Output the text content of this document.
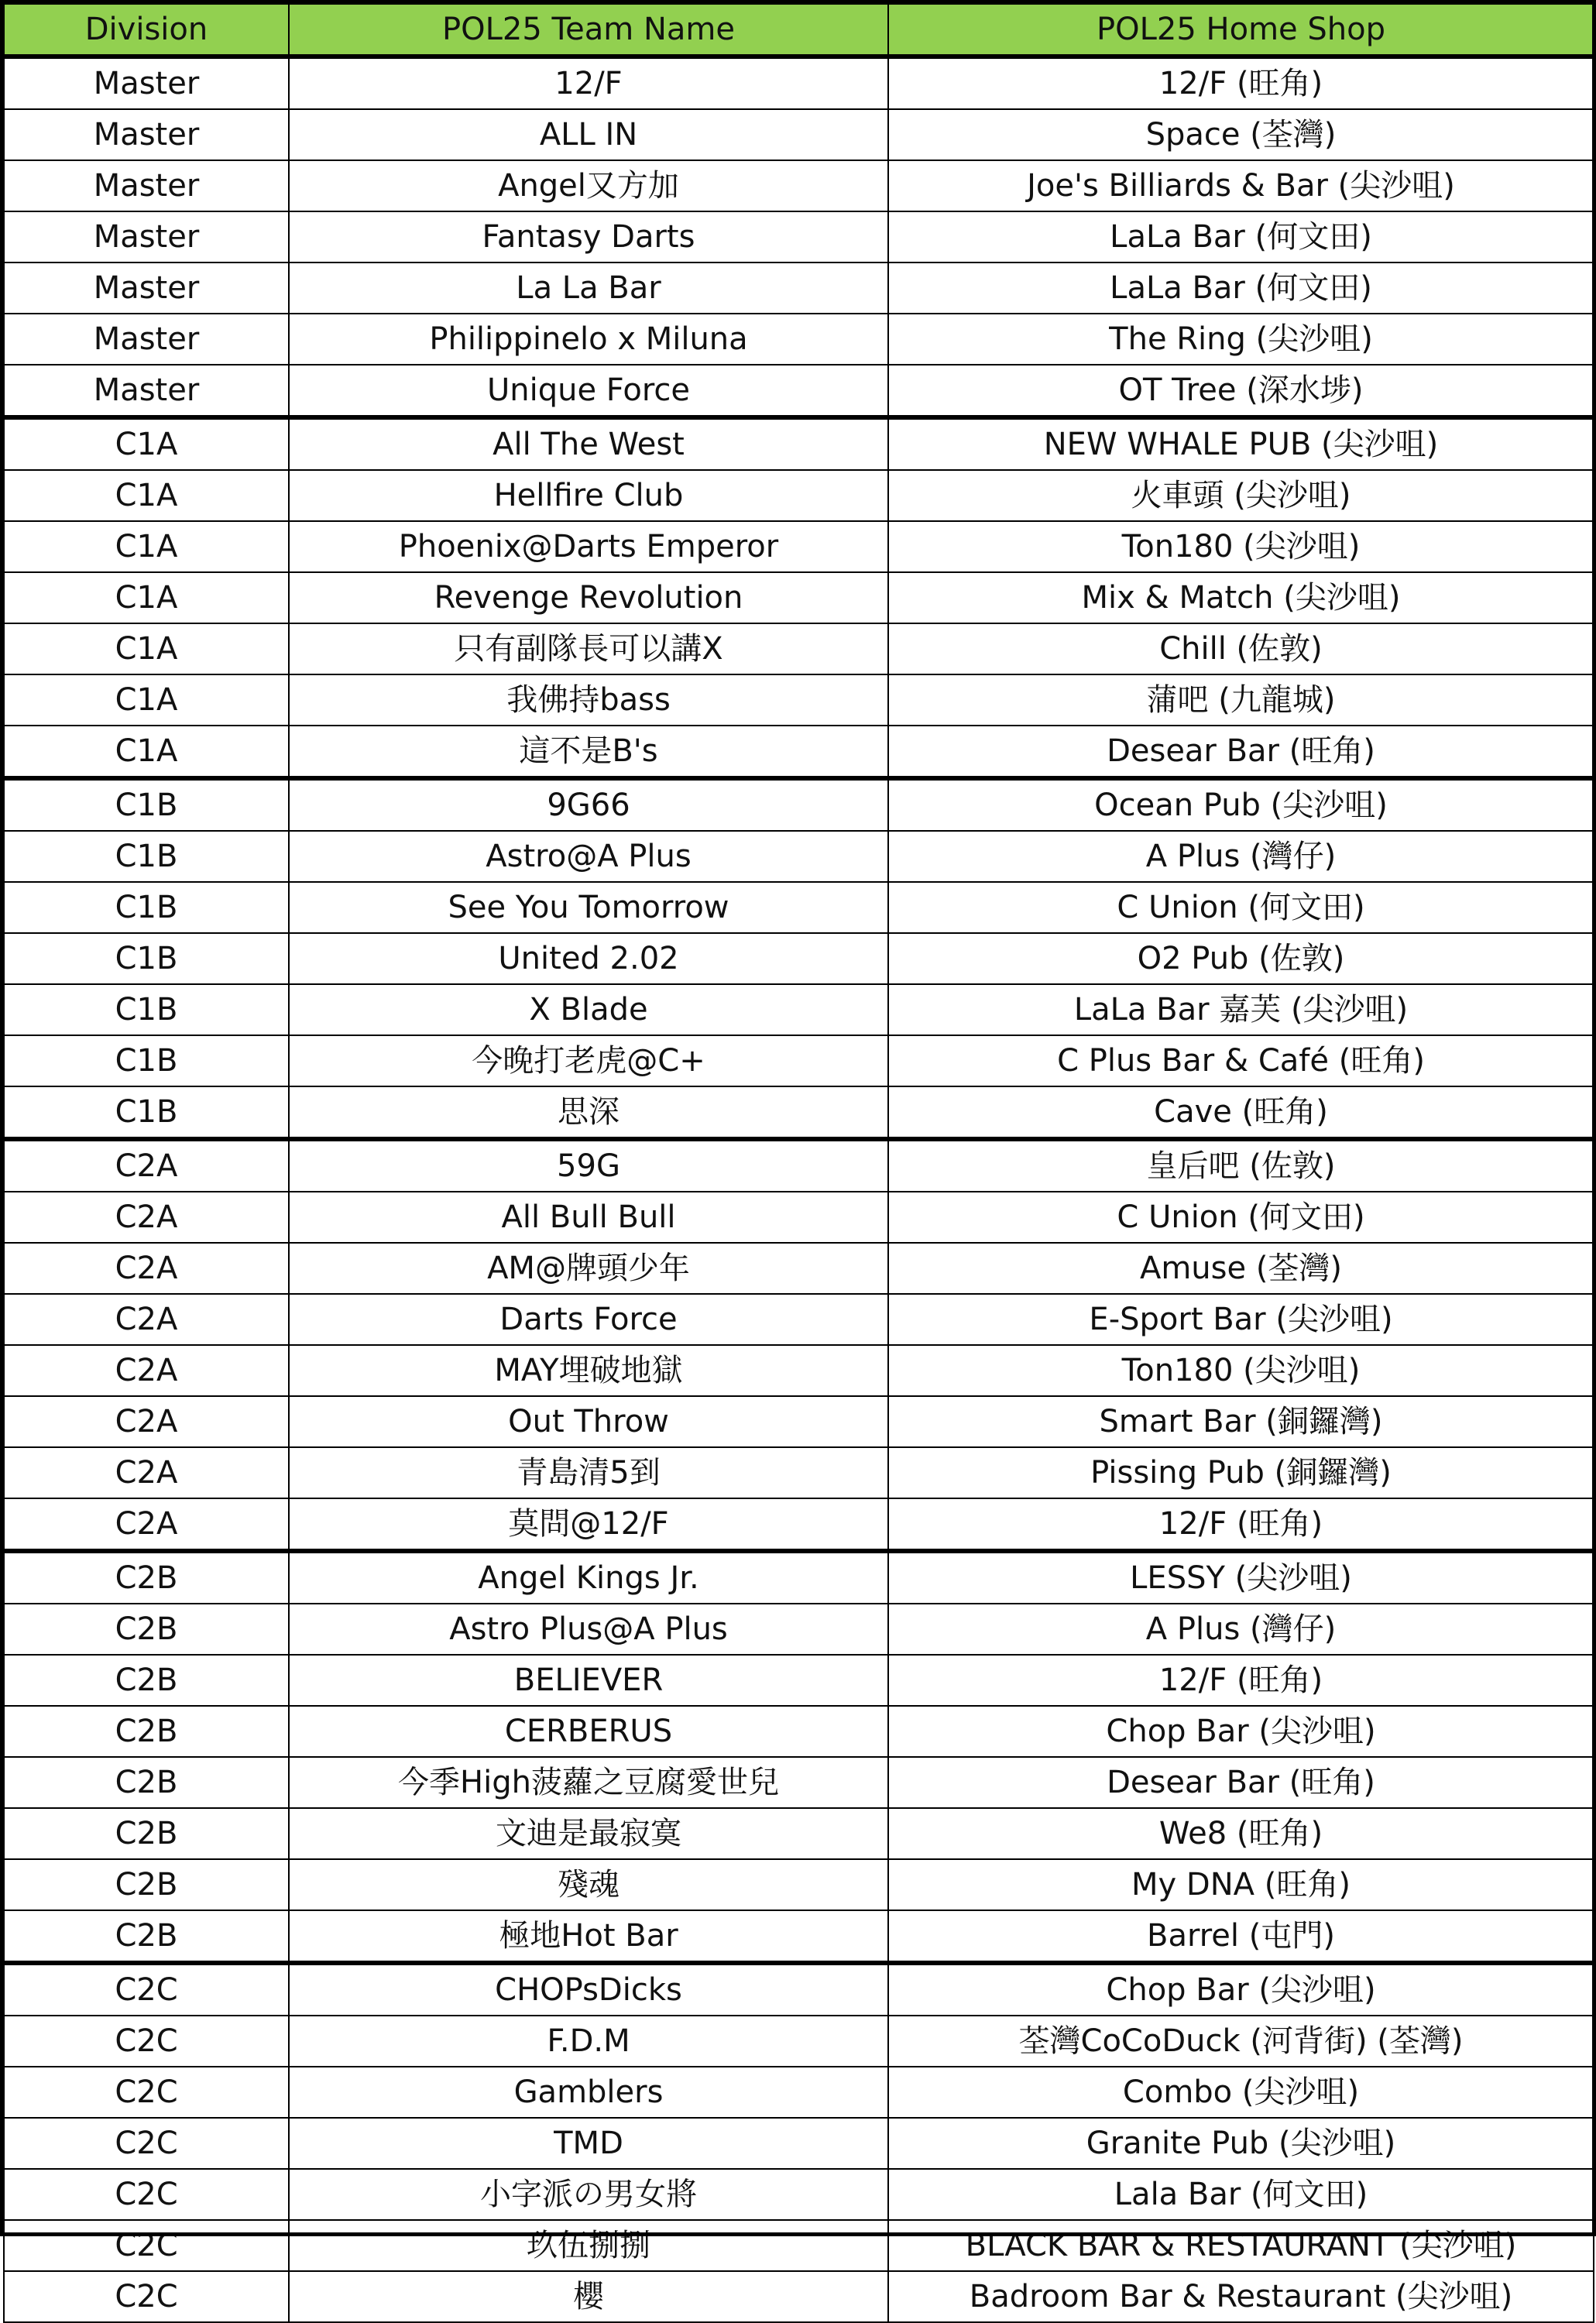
Division	POL25 Team Name	POL25 Home Shop
Master	12/F	12/F (旺角)
Master	ALL IN	Space (荃灣)
Master	Angel又方加	Joe's Billiards & Bar (尖沙咀)
Master	Fantasy Darts	LaLa Bar (何文田)
Master	La La Bar	LaLa Bar (何文田)
Master	Philippinelo x Miluna	The Ring (尖沙咀)
Master	Unique Force	OT Tree (深水埗)
C1A	All The West	NEW WHALE PUB (尖沙咀)
C1A	Hellfire Club	火車頭 (尖沙咀)
C1A	Phoenix@Darts Emperor	Ton180 (尖沙咀)
C1A	Revenge Revolution	Mix & Match (尖沙咀)
C1A	只有副隊長可以講X	Chill (佐敦)
C1A	我佛持bass	蒲吧 (九龍城)
C1A	這不是B's	Desear Bar (旺角)
C1B	9G66	Ocean Pub (尖沙咀)
C1B	Astro@A Plus	A Plus (灣仔)
C1B	See You Tomorrow	C Union (何文田)
C1B	United 2.02	O2 Pub (佐敦)
C1B	X Blade	LaLa Bar 嘉芙 (尖沙咀)
C1B	今晚打老虎@C+	C Plus Bar & Café (旺角)
C1B	思深	Cave (旺角)
C2A	59G	皇后吧 (佐敦)
C2A	All Bull Bull	C Union (何文田)
C2A	AM@牌頭少年	Amuse (荃灣)
C2A	Darts Force	E-Sport Bar (尖沙咀)
C2A	MAY埋破地獄	Ton180 (尖沙咀)
C2A	Out Throw	Smart Bar (銅鑼灣)
C2A	青島清5到	Pissing Pub (銅鑼灣)
C2A	莫問@12/F	12/F (旺角)
C2B	Angel Kings Jr.	LESSY (尖沙咀)
C2B	Astro Plus@A Plus	A Plus (灣仔)
C2B	BELIEVER	12/F (旺角)
C2B	CERBERUS	Chop Bar (尖沙咀)
C2B	今季High菠蘿之豆腐愛世兒	Desear Bar (旺角)
C2B	文迪是最寂寞	We8 (旺角)
C2B	殘魂	My DNA (旺角)
C2B	極地Hot Bar	Barrel (屯門)
C2C	CHOPsDicks	Chop Bar (尖沙咀)
C2C	F.D.M	荃灣CoCoDuck (河背街) (荃灣)
C2C	Gamblers	Combo (尖沙咀)
C2C	TMD	Granite Pub (尖沙咀)
C2C	小字派の男女將	Lala Bar (何文田)
C2C	玖伍捌捌	BLACK BAR & RESTAURANT (尖沙咀)
C2C	櫻	Badroom Bar & Restaurant (尖沙咀)
